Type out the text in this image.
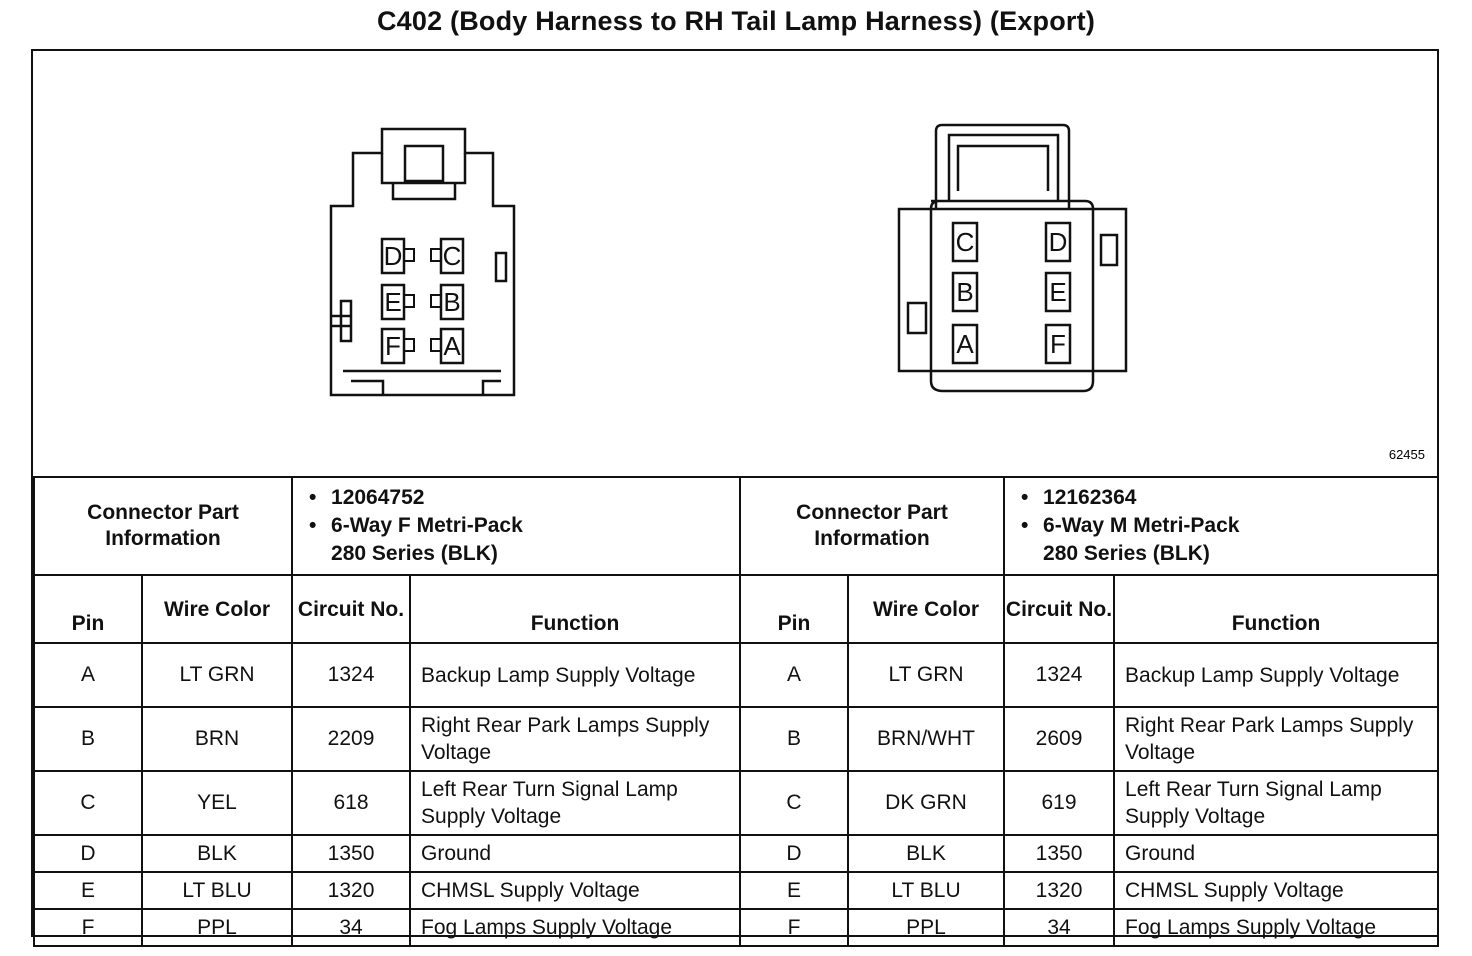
C402 (Body Harness to RH Tail Lamp Harness) (Export)
D C
E B
F A
C	D
B	E
A	F
62455
Connector Part Information		• 12064752
• 6-Way F Metri-Pack
280 Series (BLK)

Pin	Wire Color	Circuit No.	Function
A	LT GRN	1324	Backup Lamp Supply Voltage
B	BRN	2209	Right Rear Park Lamps Supply Voltage
C	YEL	618	Left Rear Turn Signal Lamp Supply Voltage
D	BLK	1350	Ground
E	LT BLU	1320	CHMSL Supply Voltage
F	PPL	34	Fog Lamps Supply Voltage
Connector Part Information		• 12162364
• 6-Way M Metri-Pack
280 Series (BLK)

Pin	Wire Color	Circuit No.	Function
A	LT GRN	1324	Backup Lamp Supply Voltage
B	BRN/WHT	2609	Right Rear Park Lamps Supply Voltage
C	DK GRN	619	Left Rear Turn Signal Lamp Supply Voltage
D	BLK	1350	Ground
E	LT BLU	1320	CHMSL Supply Voltage
F	PPL	34	Fog Lamps Supply Voltage
